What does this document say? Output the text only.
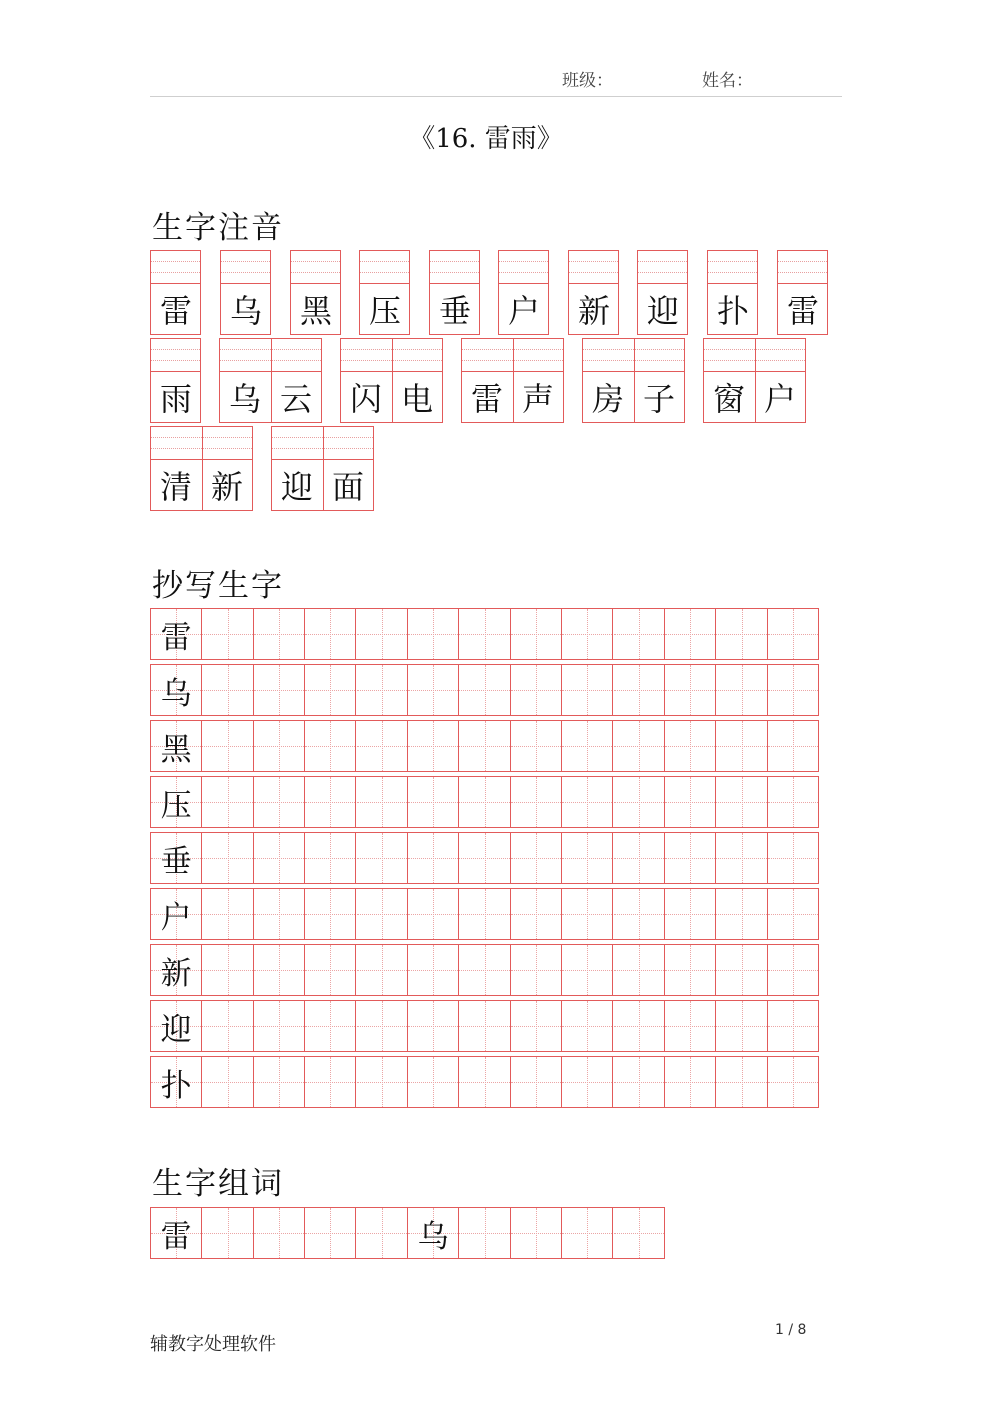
班级：	姓名：
《16. 雷雨》
生字注音
抄写生字
生字组词
雷 乌 黑 压 垂 户 新 迎 扑 雷
雨 乌 云 闪 电 雷 声 房 子 窗 户
清 新 迎 面
雷
乌
黑
压
垂
户
新
迎
扑
雷	乌
辅教字处理软件
1 / 8
